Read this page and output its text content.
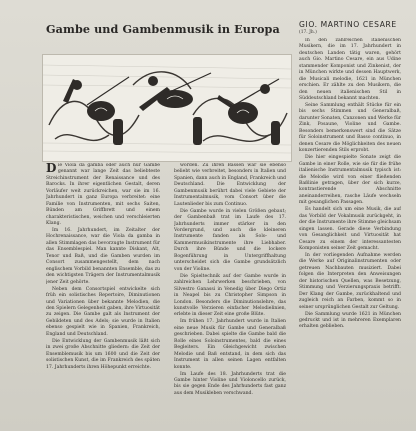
Gambe und Gambenmusik in Europa

Die Viola da gamba oder auch nur Gambe genannt war lange Zeit das beliebteste Streichinstrument der Renaissance und des Barocks. In ihrer eigentlichen Gestalt, deren Vorläufer weit zurückreichen, war sie im 16. Jahrhundert in ganz Europa verbreitet: eine Familie von Instrumenten, mit sechs Saiten, Bünden am Griffbrett und einem charakteristischen, weichen und verschleierten Klang.

Im 16. Jahrhundert, im Zeitalter der Hochrenaissance, war die Viola da gamba in allen Stimmlagen das bevorzugte Instrument für das Ensemblespiel. Man kannte Diskant, Alt, Tenor und Baß, und die Gamben wurden im Consort zusammengestellt, dem nach englischem Vorbild benannten Ensemble, das zu den wichtigsten Trägern der Instrumentalmusik jener Zeit gehörte.

Neben dem Consortspiel entwickelte sich früh ein solistisches Repertoire, Diminutionen und Variationen über bekannte Melodien, die den Spielern Gelegenheit gaben, ihre Virtuosität zu zeigen. Die Gambe galt als Instrument der Gebildeten und des Adels; sie wurde in Italien ebenso gespielt wie in Spanien, Frankreich, England und Deutschland.

Die Entwicklung der Gambenmusik läßt sich in zwei große Abschnitte gliedern: die Zeit der Ensemblemusik bis um 1600 und die Zeit der solistischen Kunst, die im Frankreich des späten 17. Jahrhunderts ihren Höhepunkt erreichte.

worden. Zu ihren Bässen war sie ebenso beliebt wie verbreitet, besonders in Italien und Spanien, dann auch in England, Frankreich und Deutschland. Die Entwicklung der Gambenmusik berührt dabei viele Gebiete der Instrumentalmusik, vom Consort über die Lautenlieder bis zum Continuo.

Die Gambe wurde in vielen Größen gebaut; der Gambenbaß trat im Laufe des 17. Jahrhunderts immer stärker in den Vordergrund, und auch die kleineren Instrumente fanden als Solo- und Kammermusikinstrumente ihre Liebhaber. Durch ihre Bünde und die lockere Bogenführung in Untergriffhaltung unterscheidet sich die Gambe grundsätzlich von der Violine.

Die Spieltechnik auf der Gambe wurde in zahlreichen Lehrwerken beschrieben, von Silvestro Ganassi in Venedig über Diego Ortiz in Neapel bis zu Christopher Simpson in London. Besonders die Diminutionslehre, das kunstvolle Verzieren einfacher Melodielinien, erlebte in dieser Zeit eine große Blüte.

Im frühen 17. Jahrhundert wurde in Italien eine neue Musik für Gambe und Generalbaß geschrieben. Dabei spielte die Gambe bald die Rolle eines Soloinstrumentes, bald die eines Begleiters. Ein Gleichgewicht zwischen Melodie und Baß entstand, in dem sich das Instrument in allen seinen Lagen entfalten konnte.

Im Laufe des 18. Jahrhunderts trat die Gambe hinter Violine und Violoncello zurück, bis sie gegen Ende des Jahrhunderts fast ganz aus dem Musikleben verschwand.

GIO. MARTINO CESARE
(17. Jh.)

In den zahlreichen italienischen Musikern, die im 17. Jahrhundert in deutschen Landen tätig waren, gehört auch Gio. Martino Cesare, ein aus Udine stammender Komponist und Zinkenist, der in München wirkte und dessen Hauptwerk, die Musicali melodie, 1621 in München erschien. Er zählte zu den Musikern, die den neuen italienischen Stil in Süddeutschland bekannt machten.

Seine Sammlung enthält Stücke für ein bis sechs Stimmen und Generalbaß, darunter Sonaten, Canzonen und Werke für Zink, Posaune, Violine und Gambe. Besonders bemerkenswert sind die Sätze für Soloinstrument und Basso continuo, in denen Cesare die Möglichkeiten des neuen konzertierenden Stils erprobt.

Die hier eingespielte Sonate zeigt die Gambe in einer Rolle, wie sie für die frühe italienische Instrumentalmusik typisch ist: die Melodie wird von einer fließenden Baßlinie getragen, über der sich kurze, kontrastierende Abschnitte aneinanderreihen, rasche Läufe wechseln mit gesanglichen Passagen.

Es handelt sich um eine Musik, die auf das Vorbild der Vokalmusik zurückgeht, in der die Instrumente ihre Stimme gleichsam singen lassen. Gerade diese Verbindung von Gesanglichkeit und Virtuosität hat Cesare zu einem der interessantesten Komponisten seiner Zeit gemacht.

In der vorliegenden Aufnahme werden die Werke auf Originalinstrumenten oder getreuen Nachbauten musiziert. Dabei folgen die Interpreten den Anweisungen der historischen Quellen, was Besetzung, Stimmung und Verzierungspraxis betrifft. Der Klang der Gambe, zurückhaltend und zugleich reich an Farben, kommt so in seiner ursprünglichen Gestalt zur Geltung.

Die Sammlung wurde 1621 in München gedruckt und ist in mehreren Exemplaren erhalten geblieben.
